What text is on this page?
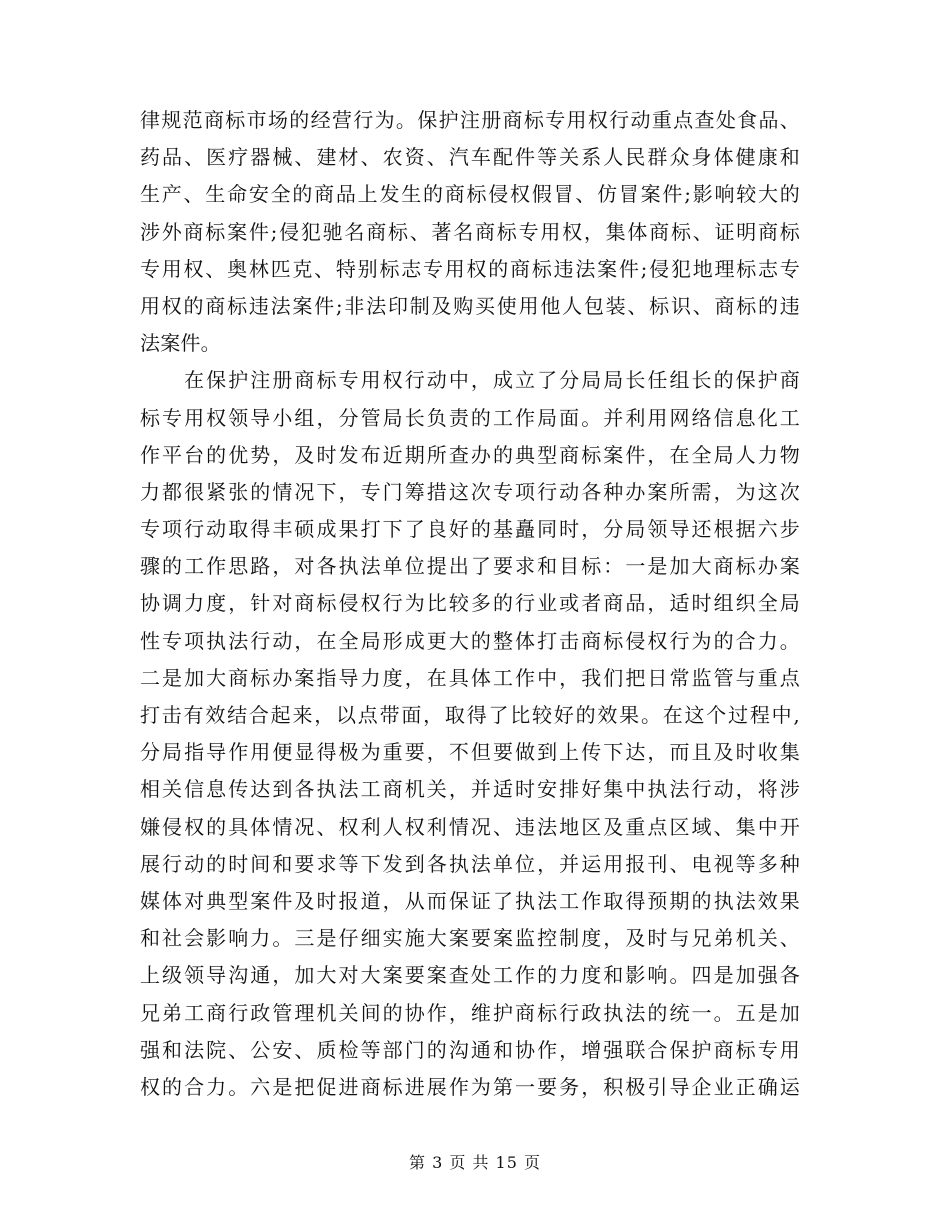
律规范商标市场的经营行为。保护注册商标专用权行动重点查处食品、
药品、医疗器械、建材、农资、汽车配件等关系人民群众身体健康和
生产、生命安全的商品上发生的商标侵权假冒、仿冒案件;影响较大的
涉外商标案件;侵犯驰名商标、著名商标专用权，集体商标、证明商标
专用权、奥林匹克、特别标志专用权的商标违法案件;侵犯地理标志专
用权的商标违法案件;非法印制及购买使用他人包装、标识、商标的违
法案件。
　　在保护注册商标专用权行动中，成立了分局局长任组长的保护商
标专用权领导小组，分管局长负责的工作局面。并利用网络信息化工
作平台的优势，及时发布近期所查办的典型商标案件，在全局人力物
力都很紧张的情况下，专门筹措这次专项行动各种办案所需，为这次
专项行动取得丰硕成果打下了良好的基矗同时，分局领导还根据六步
骤的工作思路，对各执法单位提出了要求和目标：一是加大商标办案
协调力度，针对商标侵权行为比较多的行业或者商品，适时组织全局
性专项执法行动，在全局形成更大的整体打击商标侵权行为的合力。
二是加大商标办案指导力度，在具体工作中，我们把日常监管与重点
打击有效结合起来，以点带面，取得了比较好的效果。在这个过程中,
分局指导作用便显得极为重要，不但要做到上传下达，而且及时收集
相关信息传达到各执法工商机关，并适时安排好集中执法行动，将涉
嫌侵权的具体情况、权利人权利情况、违法地区及重点区域、集中开
展行动的时间和要求等下发到各执法单位，并运用报刊、电视等多种
媒体对典型案件及时报道，从而保证了执法工作取得预期的执法效果
和社会影响力。三是仔细实施大案要案监控制度，及时与兄弟机关、
上级领导沟通，加大对大案要案查处工作的力度和影响。四是加强各
兄弟工商行政管理机关间的协作，维护商标行政执法的统一。五是加
强和法院、公安、质检等部门的沟通和协作，增强联合保护商标专用
权的合力。六是把促进商标进展作为第一要务，积极引导企业正确运
第 3 页 共 15 页
